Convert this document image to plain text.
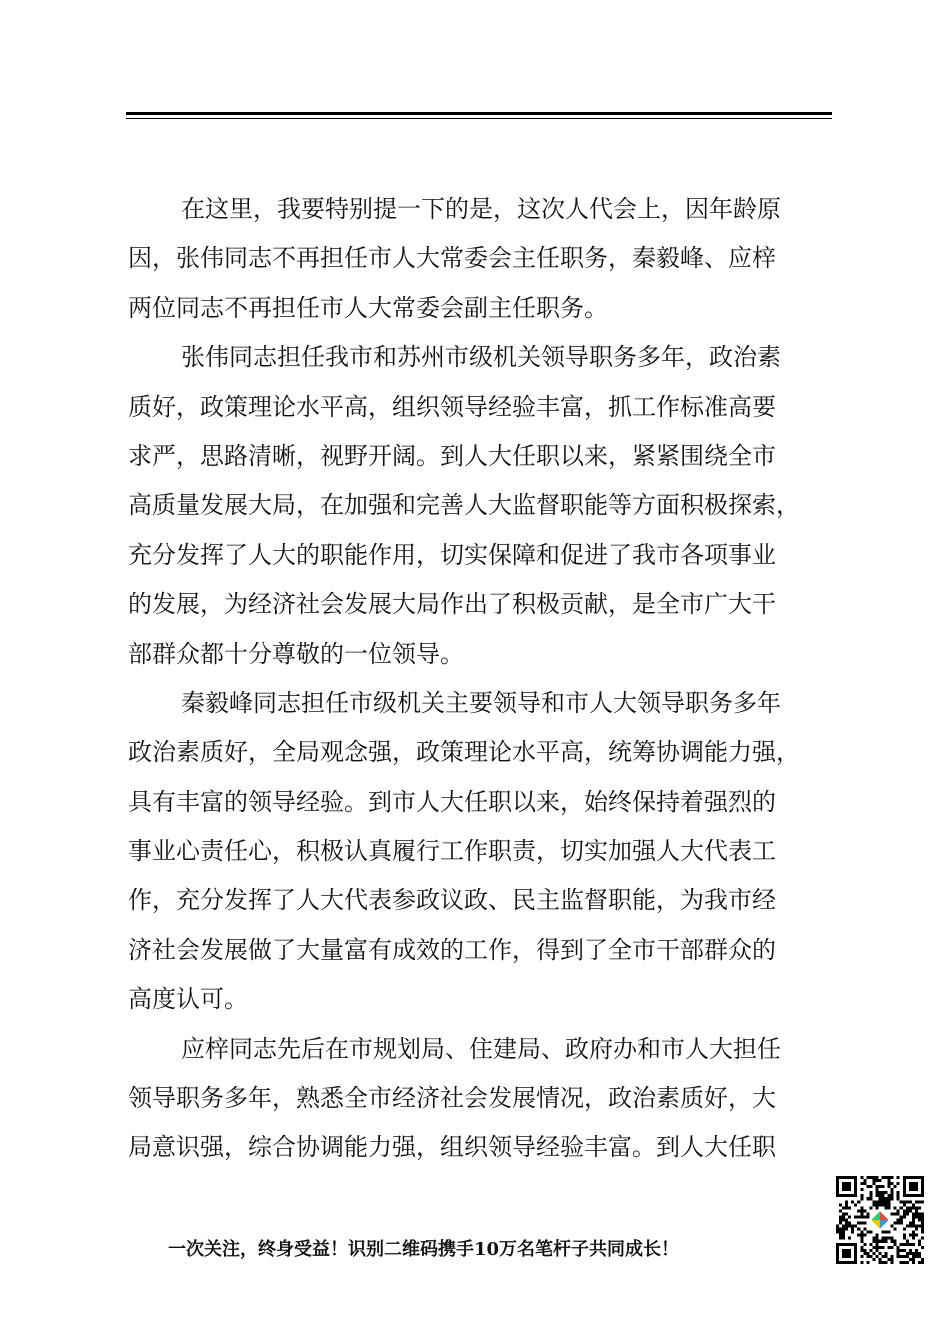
在这里，我要特别提一下的是，这次人代会上，因年龄原
因，张伟同志不再担任市人大常委会主任职务，秦毅峰、应梓
两位同志不再担任市人大常委会副主任职务。
张伟同志担任我市和苏州市级机关领导职务多年，政治素
质好，政策理论水平高，组织领导经验丰富，抓工作标准高要
求严，思路清晰，视野开阔。到人大任职以来，紧紧围绕全市
高质量发展大局，在加强和完善人大监督职能等方面积极探索，
充分发挥了人大的职能作用，切实保障和促进了我市各项事业
的发展，为经济社会发展大局作出了积极贡献，是全市广大干
部群众都十分尊敬的一位领导。
秦毅峰同志担任市级机关主要领导和市人大领导职务多年
政治素质好，全局观念强，政策理论水平高，统筹协调能力强，
具有丰富的领导经验。到市人大任职以来，始终保持着强烈的
事业心责任心，积极认真履行工作职责，切实加强人大代表工
作，充分发挥了人大代表参政议政、民主监督职能，为我市经
济社会发展做了大量富有成效的工作，得到了全市干部群众的
高度认可。
应梓同志先后在市规划局、住建局、政府办和市人大担任
领导职务多年，熟悉全市经济社会发展情况，政治素质好，大
局意识强，综合协调能力强，组织领导经验丰富。到人大任职
一次关注，终身受益！识别二维码携手10万名笔杆子共同成长！
